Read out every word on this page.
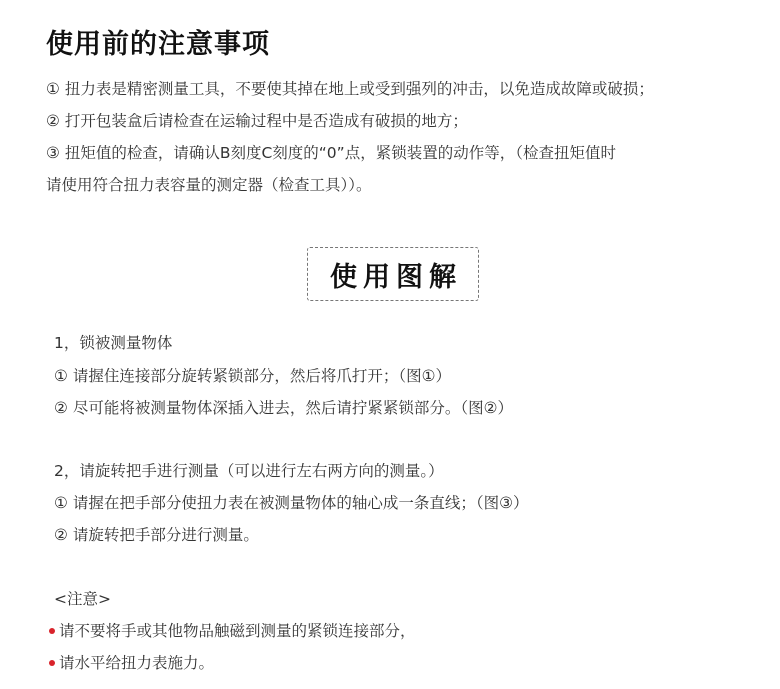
使用前的注意事项
① 扭力表是精密测量工具，不要使其掉在地上或受到强列的冲击，以免造成故障或破损；
② 打开包装盒后请检查在运输过程中是否造成有破损的地方；
③ 扭矩值的检查，请确认B刻度C刻度的“0”点，紧锁装置的动作等，（检查扭矩值时
请使用符合扭力表容量的测定器（检查工具））。
使用图解
1，锁被测量物体
① 请握住连接部分旋转紧锁部分，然后将爪打开；（图①）
② 尽可能将被测量物体深插入进去，然后请拧紧紧锁部分。（图②）
2，请旋转把手进行测量（可以进行左右两方向的测量。）
① 请握在把手部分使扭力表在被测量物体的轴心成一条直线；（图③）
② 请旋转把手部分进行测量。
<注意>
请不要将手或其他物品触磁到测量的紧锁连接部分，
请水平给扭力表施力。
